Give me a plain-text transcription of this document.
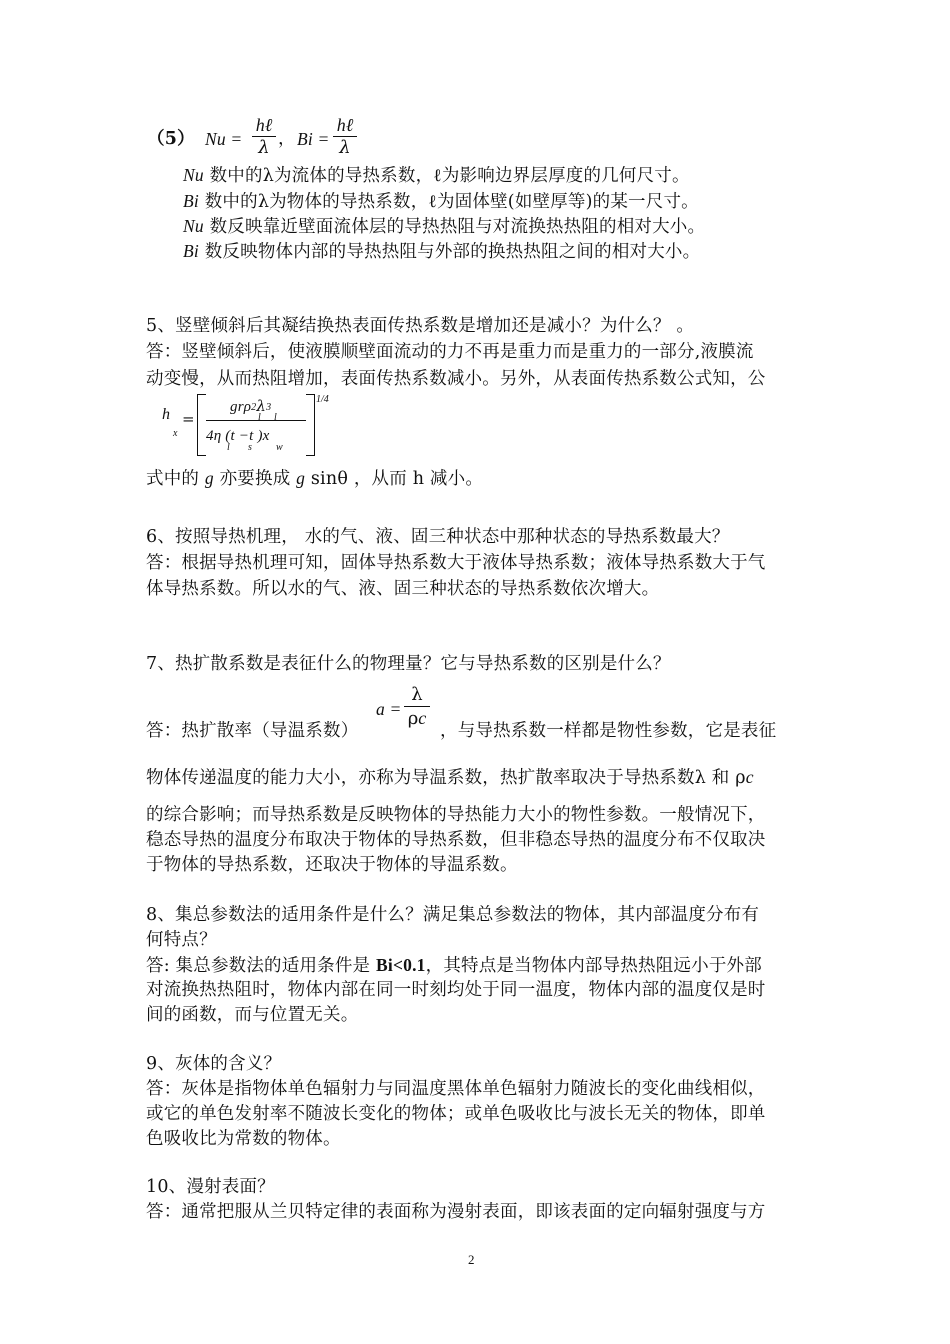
（5） Nu =
hℓ
λ ， Bi =
hℓ
λ
Nu 数中的λ为流体的导热系数，ℓ为影响边界层厚度的几何尺寸。
Bi 数中的λ为物体的导热系数，ℓ为固体壁(如壁厚等)的某一尺寸。
Nu 数反映靠近壁面流体层的导热热阻与对流换热热阻的相对大小。
Bi 数反映物体内部的导热热阻与外部的换热热阻之间的相对大小。
5、竖壁倾斜后其凝结换热表面传热系数是增加还是减小？为什么？ 。
答：竖壁倾斜后，使液膜顺壁面流动的力不再是重力而是重力的一部分,液膜流
动变慢，从而热阻增加，表面传热系数减小。另外，从表面传热系数公式知，公
h
x
=
grρ2λ3
l l
4η (t −t )x
l s w
1/4
式中的 g 亦要换成 g sinθ ，从而 h 减小。
6、按照导热机理， 水的气、液、固三种状态中那种状态的导热系数最大？
答：根据导热机理可知，固体导热系数大于液体导热系数；液体导热系数大于气
体导热系数。所以水的气、液、固三种状态的导热系数依次增大。
7、热扩散系数是表征什么的物理量？它与导热系数的区别是什么？
a =
λ
ρc
答：热扩散率（导温系数）	，与导热系数一样都是物性参数，它是表征
物体传递温度的能力大小，亦称为导温系数，热扩散率取决于导热系数λ 和 ρc
的综合影响；而导热系数是反映物体的导热能力大小的物性参数。一般情况下，
稳态导热的温度分布取决于物体的导热系数，但非稳态导热的温度分布不仅取决
于物体的导热系数，还取决于物体的导温系数。
8、集总参数法的适用条件是什么？满足集总参数法的物体，其内部温度分布有
何特点？
答: 集总参数法的适用条件是 Bi<0.1，其特点是当物体内部导热热阻远小于外部
对流换热热阻时，物体内部在同一时刻均处于同一温度，物体内部的温度仅是时
间的函数，而与位置无关。
9、灰体的含义？
答：灰体是指物体单色辐射力与同温度黑体单色辐射力随波长的变化曲线相似，
或它的单色发射率不随波长变化的物体；或单色吸收比与波长无关的物体，即单
色吸收比为常数的物体。
10、漫射表面？
答：通常把服从兰贝特定律的表面称为漫射表面，即该表面的定向辐射强度与方
2
